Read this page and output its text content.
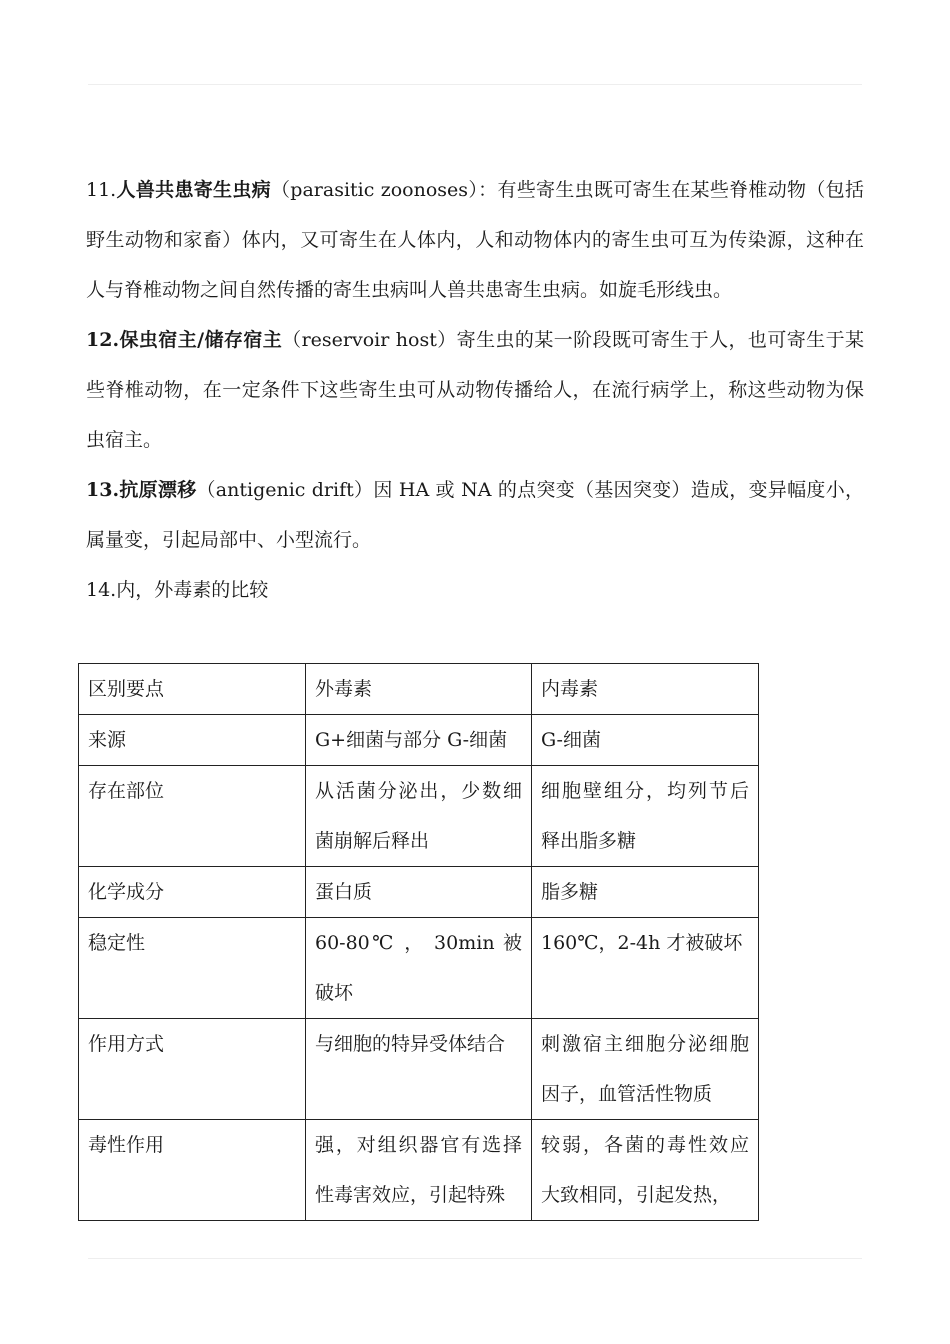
11.人兽共患寄生虫病（parasitic zoonoses）：有些寄生虫既可寄生在某些脊椎动物（包括野生动物和家畜）体内，又可寄生在人体内，人和动物体内的寄生虫可互为传染源，这种在人与脊椎动物之间自然传播的寄生虫病叫人兽共患寄生虫病。如旋毛形线虫。

12.保虫宿主/储存宿主（reservoir host）寄生虫的某一阶段既可寄生于人，也可寄生于某些脊椎动物，在一定条件下这些寄生虫可从动物传播给人，在流行病学上，称这些动物为保虫宿主。

13.抗原漂移（antigenic drift）因 HA 或 NA 的点突变（基因突变）造成，变异幅度小，属量变，引起局部中、小型流行。

14.内，外毒素的比较

区别要点	外毒素	内毒素
来源	G+细菌与部分 G-细菌	G-细菌
存在部位	从活菌分泌出，少数细菌崩解后释出	细胞壁组分，均列节后释出脂多糖
化学成分	蛋白质	脂多糖
稳定性	60-80℃ ， 30min 被 破坏	160℃，2-4h 才被破坏
作用方式	与细胞的特异受体结合	刺激宿主细胞分泌细胞因子，血管活性物质
毒性作用	强，对组织器官有选择性毒害效应，引起特殊	较弱，各菌的毒性效应大致相同，引起发热，
